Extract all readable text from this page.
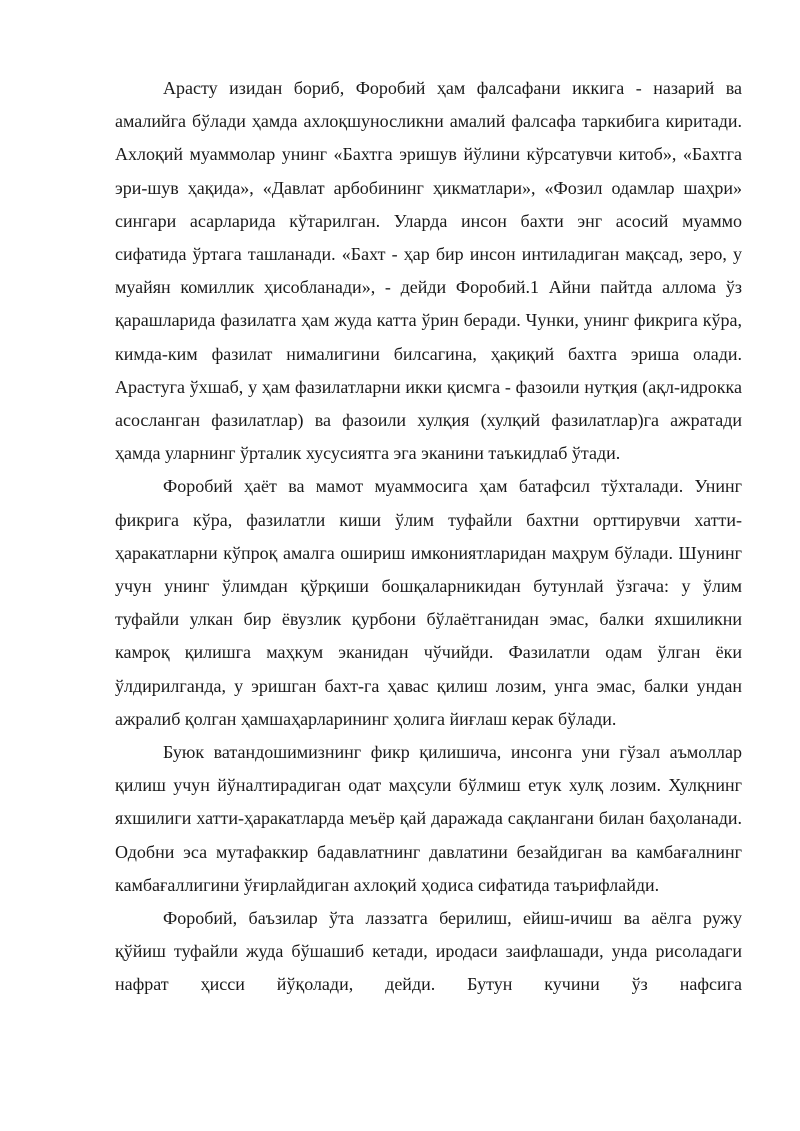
Арасту изидан бориб, Форобий ҳам фалсафани иккига - назарий ва амалийга бўлади ҳамда ахлоқшуносликни амалий фалсафа таркибига киритади. Ахлоқий муаммолар унинг «Бахтга эришув йўлини кўрсатувчи китоб», «Бахтга эри-шув ҳақида», «Давлат арбобининг ҳикматлари», «Фозил одамлар шаҳри» сингари асарларида кўтарилган. Уларда инсон бахти энг асосий муаммо сифатида ўртага ташланади. «Бахт - ҳар бир инсон интиладиган мақсад, зеро, у муайян комиллик ҳисобланади», - дейди Форобий.1 Айни пайтда аллома ўз қарашларида фазилатга ҳам жуда катта ўрин беради. Чунки, унинг фикрига кўра, кимда-ким фазилат нималигини билсагина, ҳақиқий бахтга эриша олади. Арастуга ўхшаб, у ҳам фазилатларни икки қисмга - фазоили нутқия (ақл-идрокка асосланган фазилатлар) ва фазоили хулқия (хулқий фазилатлар)га ажратади ҳамда уларнинг ўрталик хусусиятга эга эканини таъкидлаб ўтади.

Форобий ҳаёт ва мамот муаммосига ҳам батафсил тўхталади. Унинг фикрига кўра, фазилатли киши ўлим туфайли бахтни орттирувчи хатти-ҳаракатларни кўпроқ амалга ошириш имкониятларидан маҳрум бўлади. Шунинг учун унинг ўлимдан қўрқиши бошқаларникидан бутунлай ўзгача: у ўлим туфайли улкан бир ёвузлик қурбони бўлаётганидан эмас, балки яхшиликни камроқ қилишга маҳкум эканидан чўчийди. Фазилатли одам ўлган ёки ўлдирилганда, у эришган бахт-га ҳавас қилиш лозим, унга эмас, балки ундан ажралиб қолган ҳамшаҳарларининг ҳолига йиғлаш керак бўлади.

Буюк ватандошимизнинг фикр қилишича, инсонга уни гўзал аъмоллар қилиш учун йўналтирадиган одат маҳсули бўлмиш етук хулқ лозим. Хулқнинг яхшилиги хатти-ҳаракатларда меъёр қай даражада сақлангани билан баҳоланади. Одобни эса мутафаккир бадавлатнинг давлатини безайдиган ва камбағалнинг камбағаллигини ўғирлайдиган ахлоқий ҳодиса сифатида таърифлайди.

Форобий, баъзилар ўта лаззатга берилиш, ейиш-ичиш ва аёлга ружу қўйиш туфайли жуда бўшашиб кетади, иродаси заифлашади, унда рисоладаги нафрат ҳисси йўқолади, дейди. Бутун кучини ўз нафсига
